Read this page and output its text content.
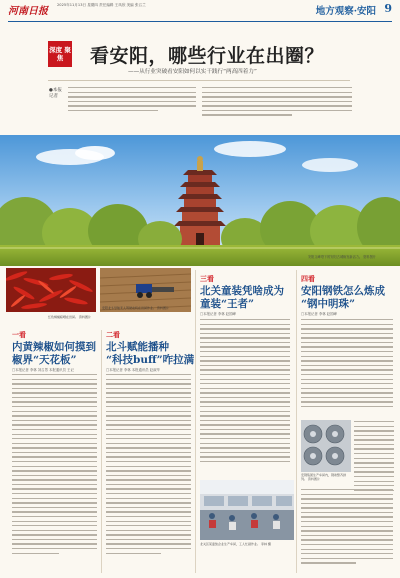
河南日报
2025年11月13日 星期四 责任编辑 王凤欣 美编 张召兰
地方观察·安阳 9
深度 聚焦	看安阳，哪些行业在出圈？
——从行业突破看安阳如何以实干践行“两高四着力”
●本报记者
安阳文峰塔下的安阳古城焕发新活力。 资料图片
红色辣椒晾晒在田间。 资料图片
安阳北斗导航无人驾驶农机在田间作业。 资料图片
一看
内黄辣椒如何摸到
椒界“天花板”
□本报记者 李林 刘召男 本报通讯员 王记
二看
北斗赋能播种
“科技buff”咋拉满
□本报记者 李林 本报通讯员 赵淑华
三看
北关童装凭啥成为
童装“王者”
□本报记者 李林 赵国峰
北关区某童装企业生产车间，工人忙碌作业。 李林 摄
四看
安阳钢铁怎么炼成
“钢中明珠”
□本报记者 李林 赵国峰
安钢集团生产车间内，钢卷整齐排列。 资料图片
